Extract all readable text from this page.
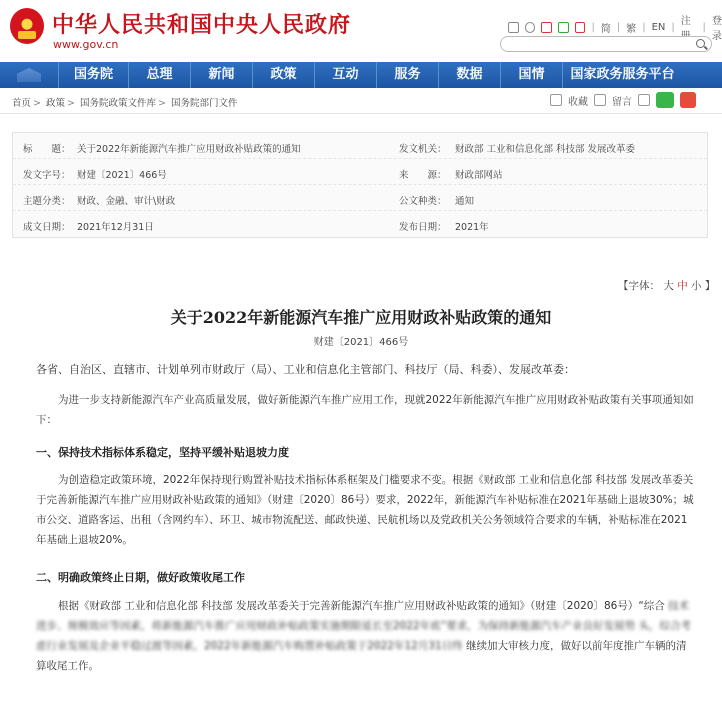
中华人民共和国中央人民政府
www.gov.cn
| 简 | 繁 | EN | 注	| 登录
国务院	总理	新闻	政策	互动	服务	数据	国情	国家政务服务平台
首页 > 政策 > 国务院政策文件库 > 国务院部门文件	收藏 留言
标　　题： 关于2022年新能源汽车推广应用财政补贴政策的通知	发文机关： 财政部 工业和信息化部 科技部 发展改革委
发文字号： 财建〔2021〕466号	来　　源： 财政部网站
主题分类： 财政、金融、审计\财政	公文种类： 通知
成文日期： 2021年12月31日	发布日期： 2021年
【字体： 大 中 小 】
关于2022年新能源汽车推广应用财政补贴政策的通知
财建〔2021〕466号
各省、自治区、直辖市、计划单列市财政厅（局）、工业和信息化主管部门、科技厅（局、科委）、发展改革委：
为进一步支持新能源汽车产业高质量发展，做好新能源汽车推广应用工作，现就2022年新能源汽车推广应用财政补贴政策有关事项通知如下：
一、保持技术指标体系稳定，坚持平缓补贴退坡力度
为创造稳定政策环境，2022年保持现行购置补贴技术指标体系框架及门槛要求不变。根据《财政部 工业和信息化部 科技部 发展改革委关于完善新能源汽车推广应用财政补贴政策的通知》（财建〔2020〕86号）要求，2022年，新能源汽车补贴标准在2021年基础上退坡30%；城市公交、道路客运、出租（含网约车）、环卫、城市物流配送、邮政快递、民航机场以及党政机关公务领域符合要求的车辆，补贴标准在2021年基础上退坡20%。
二、明确政策终止日期，做好政策收尾工作
根据《财政部 工业和信息化部 科技部 发展改革委关于完善新能源汽车推广应用财政补贴政策的通知》（财建〔2020〕86号）“综合 技术进步、规模效应等因素，将新能源汽车推广应用财政补贴政策实施期限延长至2022年底”要求，为保持新能源汽车产业良好发展势 头，综合考虑行业发展及企业平稳过渡等因素，2022年新能源汽车购置补贴政策于2022年12月31日终 继续加大审核力度，做好以前年度推广车辆的清算收尾工作。
